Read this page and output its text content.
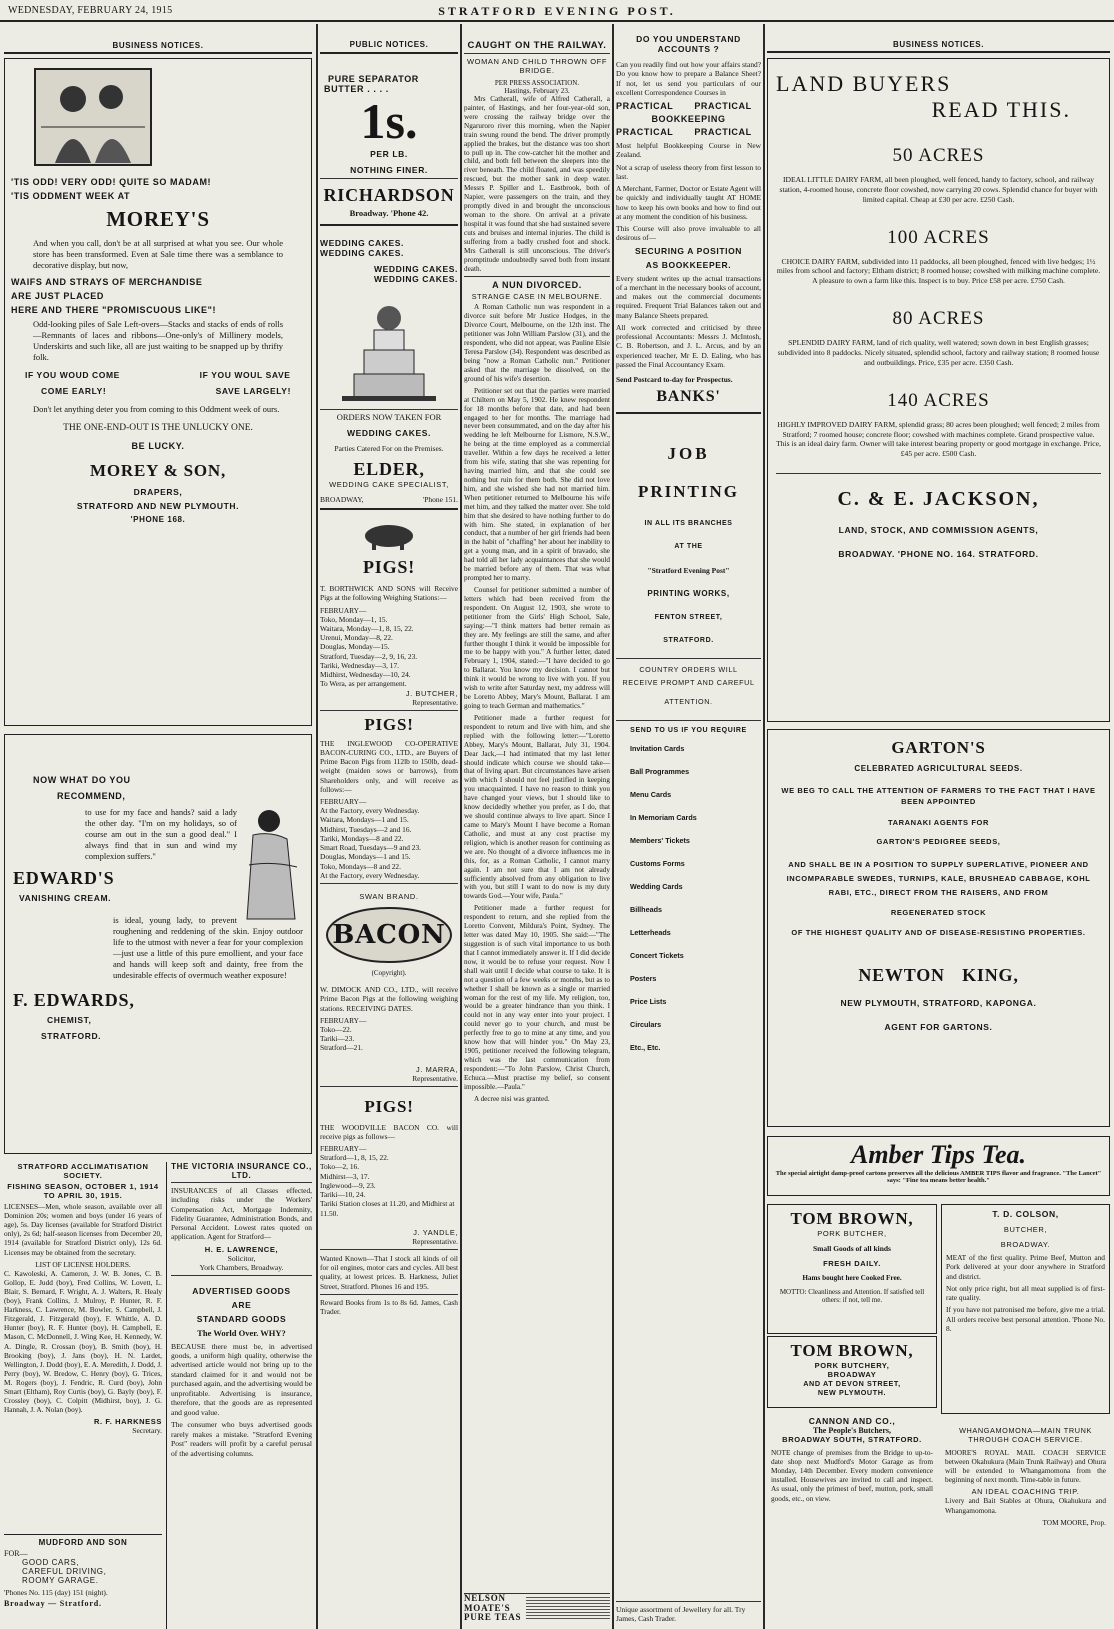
WEDNESDAY, FEBRUARY 24, 1915	STRATFORD EVENING POST.
BUSINESS NOTICES.
'TIS ODD! VERY ODD! QUITE SO MADAM!
'TIS ODDMENT WEEK AT
MOREY'S

And when you call, don't be at all surprised at what you see. Our whole store has been transformed. Even at Sale time there was a semblance to decorative display, but now,

WAIFS AND STRAYS OF MERCHANDISE
ARE JUST PLACED
HERE AND THERE "PROMISCUOUS LIKE"!

Odd-looking piles of Sale Left-overs—Stacks and stacks of ends of rolls—Remnants of laces and ribbons—One-only's of Millinery models, Underskirts and such like, all are just waiting to be snapped up by thrifty folk.

IF YOU WOUD COME
COME EARLY!
IF YOU WOUL SAVE
SAVE LARGELY!

Don't let anything deter you from coming to this Oddment week of ours.

THE ONE-END-OUT IS THE UNLUCKY ONE.
BE LUCKY.
MOREY & SON,
DRAPERS,
STRATFORD AND NEW PLYMOUTH.
'PHONE 168.
NOW WHAT DO YOU
RECOMMEND,

to use for my face and hands? said a lady the other day. "I'm on my holidays, so of course am out in the sun a good deal." I always find that in sun and wind my complexion suffers."

EDWARD'S
VANISHING CREAM.

is ideal, young lady, to prevent roughening and reddening of the skin. Enjoy outdoor life to the utmost with never a fear for your complexion—just use a little of this pure emollient, and your face and hands will keep soft and dainty, free from the undesirable effects of overmuch weather exposure!

F. EDWARDS,
CHEMIST,
STRATFORD.
STRATFORD ACCLIMATISATION SOCIETY.
FISHING SEASON, OCTOBER 1, 1914 TO APRIL 30, 1915.

LICENSES—Men, whole season, available over all Dominion 20s; women and boys (under 16 years of age), 5s. Day licenses (available for Stratford District only), 2s 6d; half-season licenses from December 20, 1914 (available for Stratford District only), 12s 6d. Licenses may be obtained from the secretary.

LIST OF LICENSE HOLDERS.

C. Kawoleski, A. Cameron, J. W. B. Jones, C. B. Gollop, E. Judd (boy), Fred Collins, W. Lovett, L. Blair, S. Bernard, F. Wright, A. J. Walters, R. Healy (boy), Frank Collins, J. Mulroy, P. Hunter, R. F. Harkness, C. Lawrence, M. Bowler, S. Campbell, J. Fitzgerald, J. Fitzgerald (boy), F. Whittle, A. D. Hunter (boy), R. F. Hunter (boy), H. Campbell, E. Mason, C. McDonnell, J. Wing Kee, H. Kennedy, W. A. Dingle, R. Crossan (boy), B. Smith (boy), H. Brooking (boy), J. Jans (boy), H. N. Lardet, Wellington, J. Dodd (boy), E. A. Meredith, J. Dodd, J. Perry (boy), W. Bredow, C. Henry (boy), G. Trices, M. Rogers (boy), J. Fendric, R. Curd (boy), John Smart (Eltham), Roy Curtis (boy), G. Bayly (boy), F. Crossley (boy), C. Colpitt (Midhirst, boy), J. G. Hannah, J. A. Nolan (boy).

R. F. HARKNESS
Secretary.
MUDFORD AND SON
FOR—
GOOD CARS,
CAREFUL DRIVING,
ROOMY GARAGE.
'Phones No. 115 (day) 151 (night).
Broadway — Stratford.
THE VICTORIA INSURANCE CO., LTD.

INSURANCES of all Classes effected, including risks under the Workers' Compensation Act, Mortgage Indemnity, Fidelity Guarantee, Administration Bonds, and Personal Accident. Lowest rates quoted on application. Agent for Stratford—

H. E. LAWRENCE,
Solicitor,
York Chambers, Broadway.
ADVERTISED GOODS
ARE
STANDARD GOODS
The World Over. WHY?

BECAUSE there must be, in advertised goods, a uniform high quality, otherwise the advertised article would not bring up to the standard claimed for it and would not be purchased again, and the advertising would be unprofitable. Advertising is insurance, therefore, that the goods are as represented and good value.

The consumer who buys advertised goods rarely makes a mistake. "Stratford Evening Post" readers will profit by a careful perusal of the advertising columns.

PUBLIC NOTICES.
PURE SEPARATOR
BUTTER . . . .
1s.
PER LB.
NOTHING FINER.
RICHARDSON
Broadway. 'Phone 42.
WEDDING CAKES.
WEDDING CAKES.
WEDDING CAKES.
WEDDING CAKES.
ORDERS NOW TAKEN FOR
WEDDING CAKES.
Parties Catered For on the Premises.
ELDER,
WEDDING CAKE SPECIALIST,
BROADWAY,	'Phone 151.
PIGS!

T. BORTHWICK AND SONS will Receive Pigs at the following Weighing Stations:—

FEBRUARY—
Toko, Monday—1, 15.
Waitara, Monday—1, 8, 15, 22.
Urenui, Monday—8, 22.
Douglas, Monday—15.
Stratford, Tuesday—2, 9, 16, 23.
Tariki, Wednesday—3, 17.
Midhirst, Wednesday—10, 24.
To Wera, as per arrangement.
J. BUTCHER,
Representative.
PIGS!

THE INGLEWOOD CO-OPERATIVE BACON-CURING CO., LTD., are Buyers of Prime Bacon Pigs from 112lb to 150lb, dead-weight (maiden sows or barrows), from Shareholders only, and will receive as follows:—

FEBRUARY—
At the Factory, every Wednesday.
Waitara, Mondays—1 and 15.
Midhirst, Tuesdays—2 and 16.
Tariki, Mondays—8 and 22.
Smart Road, Tuesdays—9 and 23.
Douglas, Mondays—1 and 15.
Toko, Mondays—8 and 22.
At the Factory, every Wednesday.
SWAN BRAND.
BACON
(Copyright).

W. DIMOCK AND CO., LTD., will receive Prime Bacon Pigs at the following weighing stations. RECEIVING DATES.

FEBRUARY—
Toko—22.
Tariki—23.
Stratford—21.
J. MARRA,
Representative.
PIGS!

THE WOODVILLE BACON CO. will receive pigs as follows—

FEBRUARY—
Stratford—1, 8, 15, 22.
Toko—2, 16.
Midhirst—3, 17.
Inglewood—9, 23.
Tariki—10, 24.
Tariki Station closes at 11.20, and Midhirst at 11.50.
J. YANDLE,
Representative.

Wanted Known—That I stock all kinds of oil for oil engines, motor cars and cycles. All best quality, at lowest prices. B. Harkness, Juliet Street, Stratford. Phones 16 and 195.

Reward Books from 1s to 8s 6d. James, Cash Trader.

CAUGHT ON THE RAILWAY.
WOMAN AND CHILD THROWN OFF BRIDGE.
PER PRESS ASSOCIATION.
Hastings, February 23.

Mrs Catherall, wife of Alfred Catherall, a painter, of Hastings, and her four-year-old son, were crossing the railway bridge over the Ngaruroro river this morning, when the Napier train swung round the bend. The driver promptly applied the brakes, but the distance was too short to pull up in. The cow-catcher hit the mother and child, and both fell between the sleepers into the river beneath. The child floated, and was speedily rescued, but the mother sank in deep water. Messrs P. Spiller and L. Eastbrook, both of Napier, were passengers on the train, and they promptly dived in and brought the unconscious woman to the shore. On arrival at a private hospital it was found that she had sustained severe cuts and bruises and internal injuries. The child is suffering from a badly crushed foot and shock. Mrs Catherall is still unconscious. The driver's promptitude undoubtedly saved both from instant death.

A NUN DIVORCED.
STRANGE CASE IN MELBOURNE.

A Roman Catholic nun was respondent in a divorce suit before Mr Justice Hodges, in the Divorce Court, Melbourne, on the 12th inst. The petitioner was John William Parslow (31), and the respondent, who did not appear, was Pauline Elsie Teresa Parslow (34). Respondent was described as being "now a Roman Catholic nun." Petitioner asked that the marriage be dissolved, on the ground of his wife's desertion.

Petitioner set out that the parties were married at Chiltern on May 5, 1902. He knew respondent for 18 months before that date, and had been engaged to her for months. The marriage had never been consummated, and on the day after his wedding he left Melbourne for Lismore, N.S.W., he being at the time employed as a commercial traveller. Within a few days he received a letter from his wife, stating that she was repenting for having married him, and that she could see nothing but ruin for them both. She did not love him, and she wished she had not married him. When petitioner returned to Melbourne his wife met him, and they talked the matter over. She told him that she desired to have nothing further to do with him. She stated, in explanation of her conduct, that a number of her girl friends had been in the habit of "chaffing" her about her inability to get a young man, and in a spirit of bravado, she had told all her lady acquaintances that she would be married before any of them. That was what prompted her to marry.

Counsel for petitioner submitted a number of letters which had been received from the respondent. On August 12, 1903, she wrote to petitioner from the Girls' High School, Sale, saying:—"I think matters had better remain as they are. My feelings are still the same, and after further thought I think it would be impossible for me to be happy with you." A further letter, dated February 1, 1904, stated:—"I have decided to go to Ballarat. You know my decision. I cannot but think it would be wrong to live with you. If you wish to write after Saturday next, my address will be Loretto Abbey, Mary's Mount, Ballarat. I am going to teach German and mathematics."

Petitioner made a further request for respondent to return and live with him, and she replied with the following letter:—"Loretto Abbey, Mary's Mount, Ballarat, July 31, 1904. Dear Jack,—I had intimated that my last letter should indicate which course we should take—that of living apart. But circumstances have arisen with which I should not feel justified in keeping you unacquainted. I have no reason to think you have changed your views, but I should like to know decidedly whether you prefer, as I do, that we should continue always to live apart. Since I came to Mary's Mount I have become a Roman Catholic, and must at any cost practise my religion, which is another reason for continuing as we are. No thought of a divorce influences me in this, for, as a Roman Catholic, I cannot marry again. I am not sure that I am not already sufficiently absolved from any obligation to live with you, but still I want to do now is my duty towards God.—Your wife, Paula."

Petitioner made a further request for respondent to return, and she replied from the Loretto Convent, Mildura's Point, Sydney. The letter was dated May 10, 1905. She said:—"The suggestion is of such vital importance to us both that I cannot immediately answer it. If I did decide now, it would be to refuse your request. Now I shall wait until I decide what course to take. It is not a question of a few weeks or months, but as to whether I shall be known as a single or married woman for the rest of my life. My religion, too, would be a greater hindrance than you think. I could not in any way enter into your project. I could never go to your church, and must be perfectly free to go to mine at any time, and you know how that will hinder you." On May 23, 1905, petitioner received the following telegram, which was the last communication from respondent:—"To John Parslow, Christ Church, Echuca.—Must practise my belief, so consent impossible.—Paula."

A decree nisi was granted.

NELSON MOATE'S PURE TEAS
DO YOU UNDERSTAND ACCOUNTS ?

Can you readily find out how your affairs stand? Do you know how to prepare a Balance Sheet? If not, let us send you particulars of our excellent Correspondence Courses in

PRACTICAL PRACTICAL
BOOKKEEPING
PRACTICAL PRACTICAL

Most helpful Bookkeeping Course in New Zealand.

Not a scrap of useless theory from first lesson to last.

A Merchant, Farmer, Doctor or Estate Agent will be quickly and individually taught AT HOME how to keep his own books and how to find out at any moment the condition of his business.

This Course will also prove invaluable to all desirous of—

SECURING A POSITION
AS BOOKKEEPER.

Every student writes up the actual transactions of a merchant in the necessary books of account, and makes out the commercial documents required. Frequent Trial Balances taken out and many Balance Sheets prepared.

All work corrected and criticised by three professional Accountants: Messrs J. McIntosh, C. B. Robertson, and J. L. Arcus, and by an experienced teacher, Mr E. D. Ealing, who has passed the Final Accountancy Exam.

Send Postcard to-day for Prospectus.
BANKS'
JOB
PRINTING
IN ALL ITS BRANCHES
AT THE
"Stratford Evening Post"
PRINTING WORKS,
FENTON STREET,
STRATFORD.
COUNTRY ORDERS WILL
RECEIVE PROMPT AND CAREFUL
ATTENTION.
SEND TO US IF YOU REQUIRE
Invitation Cards
Ball Programmes
Menu Cards
In Memoriam Cards
Members' Tickets
Customs Forms
Wedding Cards
Billheads
Letterheads
Concert Tickets
Posters
Price Lists
Circulars
Etc., Etc.
Unique assortment of Jewellery for all. Try James, Cash Trader.
BUSINESS NOTICES.
LAND BUYERS
READ THIS.
50 ACRES

IDEAL LITTLE DAIRY FARM, all been ploughed, well fenced, handy to factory, school, and railway station, 4-roomed house, concrete floor cowshed, now carrying 20 cows. Splendid chance for buyer with limited capital. Cheap at £30 per acre. £250 Cash.

100 ACRES

CHOICE DAIRY FARM, subdivided into 11 paddocks, all been ploughed, fenced with live hedges; 1½ miles from school and factory; Eltham district; 8 roomed house; cowshed with milking machine complete. A pleasure to own a farm like this. Inspect is to buy. Price £58 per acre. £750 Cash.

80 ACRES

SPLENDID DAIRY FARM, land of rich quality, well watered; sown down in best English grasses; subdivided into 8 paddocks. Nicely situated, splendid school, factory and railway station; 8 roomed house and outbuildings. Price, £35 per acre. £350 Cash.

140 ACRES

HIGHLY IMPROVED DAIRY FARM, splendid grass; 80 acres been ploughed; well fenced; 2 miles from Stratford; 7 roomed house; concrete floor; cowshed with machines complete. Grand prospective value. This is an ideal dairy farm. Owner will take interest bearing property or good mortgage in exchange. Price, £45 per acre. £500 Cash.

C. & E. JACKSON,
LAND, STOCK, AND COMMISSION AGENTS,
BROADWAY. 'PHONE NO. 164. STRATFORD.
GARTON'S
CELEBRATED AGRICULTURAL SEEDS.
WE BEG TO CALL THE ATTENTION OF FARMERS TO THE FACT THAT I HAVE BEEN APPOINTED
TARANAKI AGENTS FOR
GARTON'S PEDIGREE SEEDS,
AND SHALL BE IN A POSITION TO SUPPLY SUPERLATIVE, PIONEER AND INCOMPARABLE SWEDES, TURNIPS, KALE, BRUSHEAD CABBAGE, KOHL RABI, ETC., DIRECT FROM THE RAISERS, AND FROM
REGENERATED STOCK
OF THE HIGHEST QUALITY AND OF DISEASE-RESISTING PROPERTIES.
NEWTON KING,
NEW PLYMOUTH, STRATFORD, KAPONGA.
AGENT FOR GARTONS.
Amber Tips Tea.
The special airtight damp-proof cartons preserves all the delicious AMBER TIPS flavor and fragrance. "The Lancet" says: "Fine tea means better health."
TOM BROWN,
PORK BUTCHER,
Small Goods of all kinds
FRESH DAILY.
Hams bought here Cooked Free.
MOTTO: Cleanliness and Attention. If satisfied tell others: if not, tell me.
TOM BROWN,
PORK BUTCHERY,
BROADWAY
AND AT DEVON STREET,
NEW PLYMOUTH.
CANNON AND CO.,
The People's Butchers,
BROADWAY SOUTH, STRATFORD.

NOTE change of premises from the Bridge to up-to-date shop next Mudford's Motor Garage as from Monday, 14th December. Every modern convenience installed. Housewives are invited to call and inspect. As usual, only the primest of beef, mutton, pork, small goods, etc., on view.

T. D. COLSON,
BUTCHER,
BROADWAY.

MEAT of the first quality. Prime Beef, Mutton and Pork delivered at your door anywhere in Stratford and district.

Not only price right, but all meat supplied is of first-rate quality.

If you have not patronised me before, give me a trial. All orders receive best personal attention. 'Phone No. 8.

WHANGAMOMONA—MAIN TRUNK THROUGH COACH SERVICE.

MOORE'S ROYAL MAIL COACH SERVICE between Okahukura (Main Trunk Railway) and Ohura will be extended to Whangamomona from the beginning of next month. Time-table in future.

AN IDEAL COACHING TRIP.

Livery and Bait Stables at Ohura, Okahukura and Whangamomona.

TOM MOORE, Prop.
